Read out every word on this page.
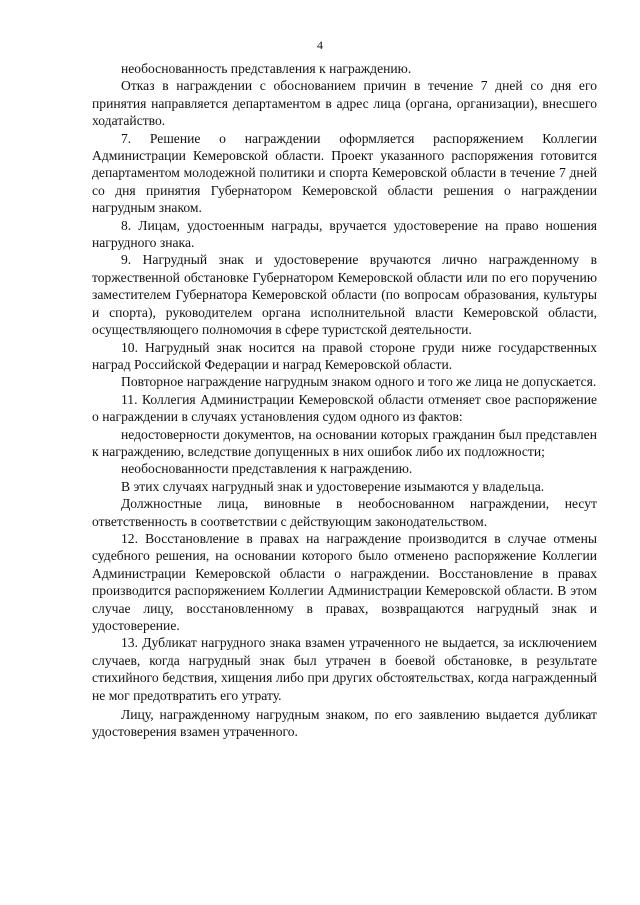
4

необоснованность представления к награждению.

Отказ в награждении с обоснованием причин в течение 7 дней со дня его принятия направляется департаментом в адрес лица (органа, организации), внесшего ходатайство.

7. Решение о награждении оформляется распоряжением Коллегии Администрации Кемеровской области. Проект указанного распоряжения готовится департаментом молодежной политики и спорта Кемеровской области в течение 7 дней со дня принятия Губернатором Кемеровской области решения о награждении нагрудным знаком.

8. Лицам, удостоенным награды, вручается удостоверение на право ношения нагрудного знака.

9. Нагрудный знак и удостоверение вручаются лично награжденному в торжественной обстановке Губернатором Кемеровской области или по его поручению заместителем Губернатора Кемеровской области (по вопросам образования, культуры и спорта), руководителем органа исполнительной власти Кемеровской области, осуществляющего полномочия в сфере туристской деятельности.

10. Нагрудный знак носится на правой стороне груди ниже государственных наград Российской Федерации и наград Кемеровской области.

Повторное награждение нагрудным знаком одного и того же лица не допускается.

11. Коллегия Администрации Кемеровской области отменяет свое распоряжение о награждении в случаях установления судом одного из фактов:

недостоверности документов, на основании которых гражданин был представлен к награждению, вследствие допущенных в них ошибок либо их подложности;

необоснованности представления к награждению.

В этих случаях нагрудный знак и удостоверение изымаются у владельца.

Должностные лица, виновные в необоснованном награждении, несут ответственность в соответствии с действующим законодательством.

12. Восстановление в правах на награждение производится в случае отмены судебного решения, на основании которого было отменено распоряжение Коллегии Администрации Кемеровской области о награждении. Восстановление в правах производится распоряжением Коллегии Администрации Кемеровской области. В этом случае лицу, восстановленному в правах, возвращаются нагрудный знак и удостоверение.

13. Дубликат нагрудного знака взамен утраченного не выдается, за исключением случаев, когда нагрудный знак был утрачен в боевой обстановке, в результате стихийного бедствия, хищения либо при других обстоятельствах, когда награжденный не мог предотвратить его утрату.

Лицу, награжденному нагрудным знаком, по его заявлению выдается дубликат удостоверения взамен утраченного.
